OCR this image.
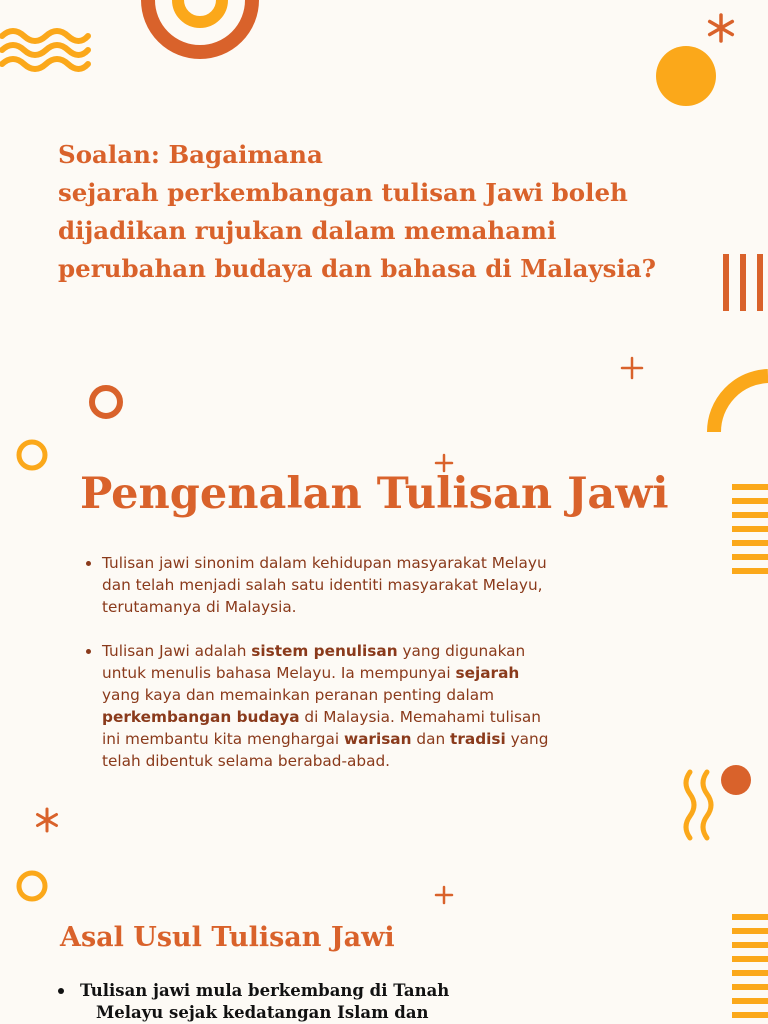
Soalan: Bagaimana
sejarah perkembangan tulisan Jawi boleh
dijadikan rujukan dalam memahami
perubahan budaya dan bahasa di Malaysia?
Pengenalan Tulisan Jawi
Tulisan jawi sinonim dalam kehidupan masyarakat Melayu dan telah menjadi salah satu identiti masyarakat Melayu, terutamanya di Malaysia.
Tulisan Jawi adalah sistem penulisan yang digunakan untuk menulis bahasa Melayu. Ia mempunyai sejarah yang kaya dan memainkan peranan penting dalam perkembangan budaya di Malaysia. Memahami tulisan ini membantu kita menghargai warisan dan tradisi yang telah dibentuk selama berabad-abad.
Asal Usul Tulisan Jawi
Tulisan jawi mula berkembang di Tanah
Melayu sejak kedatangan Islam dan
